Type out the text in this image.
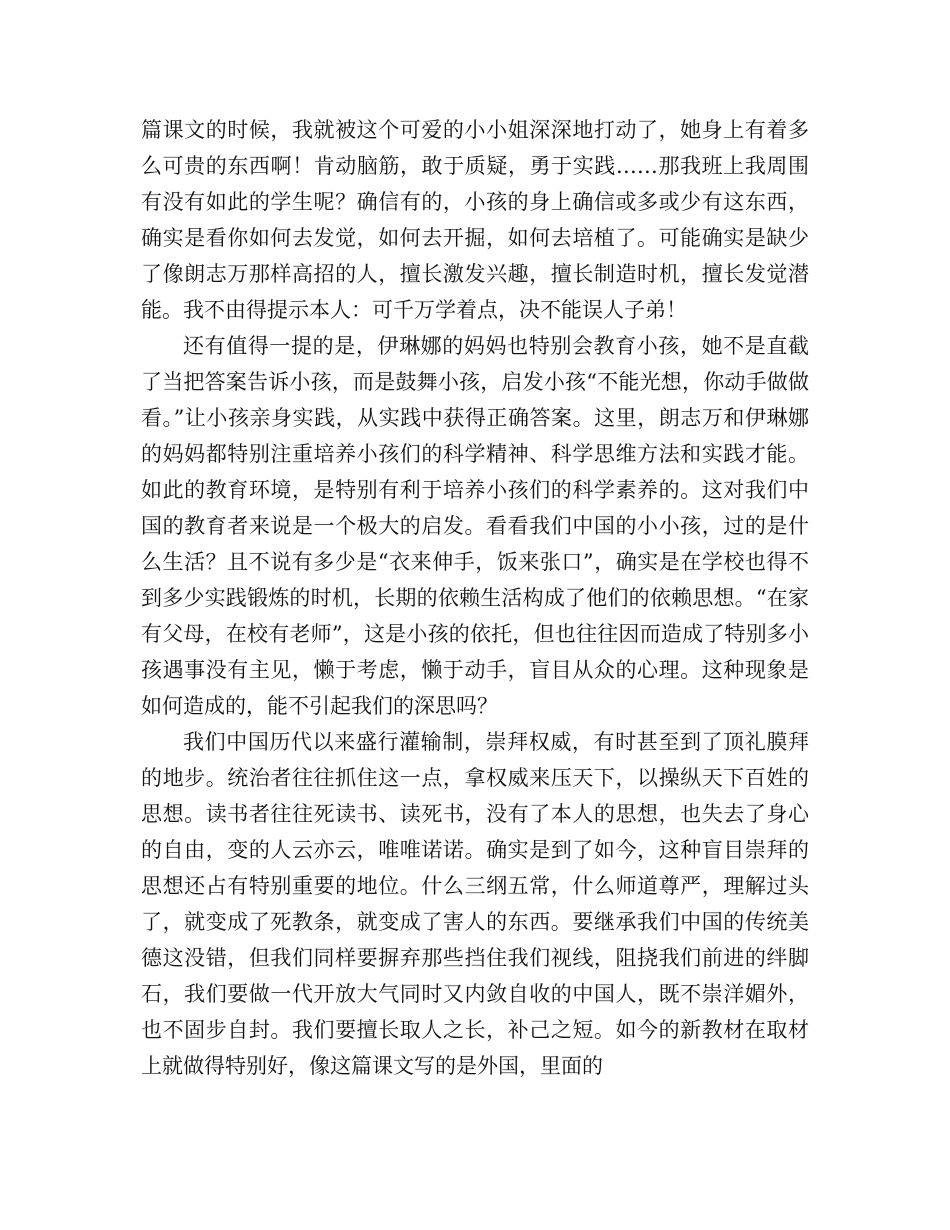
篇课文的时候，我就被这个可爱的小小姐深深地打动了，她身上有着多么可贵的东西啊！肯动脑筋，敢于质疑，勇于实践……那我班上我周围有没有如此的学生呢？确信有的，小孩的身上确信或多或少有这东西，确实是看你如何去发觉，如何去开掘，如何去培植了。可能确实是缺少了像朗志万那样高招的人，擅长激发兴趣，擅长制造时机，擅长发觉潜能。我不由得提示本人：可千万学着点，决不能误人子弟！

还有值得一提的是，伊琳娜的妈妈也特别会教育小孩，她不是直截了当把答案告诉小孩，而是鼓舞小孩，启发小孩“不能光想，你动手做做看。”让小孩亲身实践，从实践中获得正确答案。这里，朗志万和伊琳娜的妈妈都特别注重培养小孩们的科学精神、科学思维方法和实践才能。如此的教育环境，是特别有利于培养小孩们的科学素养的。这对我们中国的教育者来说是一个极大的启发。看看我们中国的小小孩，过的是什么生活？且不说有多少是“衣来伸手，饭来张口”，确实是在学校也得不到多少实践锻炼的时机，长期的依赖生活构成了他们的依赖思想。“在家有父母，在校有老师”，这是小孩的依托，但也往往因而造成了特别多小孩遇事没有主见，懒于考虑，懒于动手，盲目从众的心理。这种现象是如何造成的，能不引起我们的深思吗？

我们中国历代以来盛行灌输制，崇拜权威，有时甚至到了顶礼膜拜的地步。统治者往往抓住这一点，拿权威来压天下，以操纵天下百姓的思想。读书者往往死读书、读死书，没有了本人的思想，也失去了身心的自由，变的人云亦云，唯唯诺诺。确实是到了如今，这种盲目崇拜的思想还占有特别重要的地位。什么三纲五常，什么师道尊严，理解过头了，就变成了死教条，就变成了害人的东西。要继承我们中国的传统美德这没错，但我们同样要摒弃那些挡住我们视线，阻挠我们前进的绊脚石，我们要做一代开放大气同时又内敛自收的中国人，既不崇洋媚外，也不固步自封。我们要擅长取人之长，补己之短。如今的新教材在取材上就做得特别好，像这篇课文写的是外国，里面的
